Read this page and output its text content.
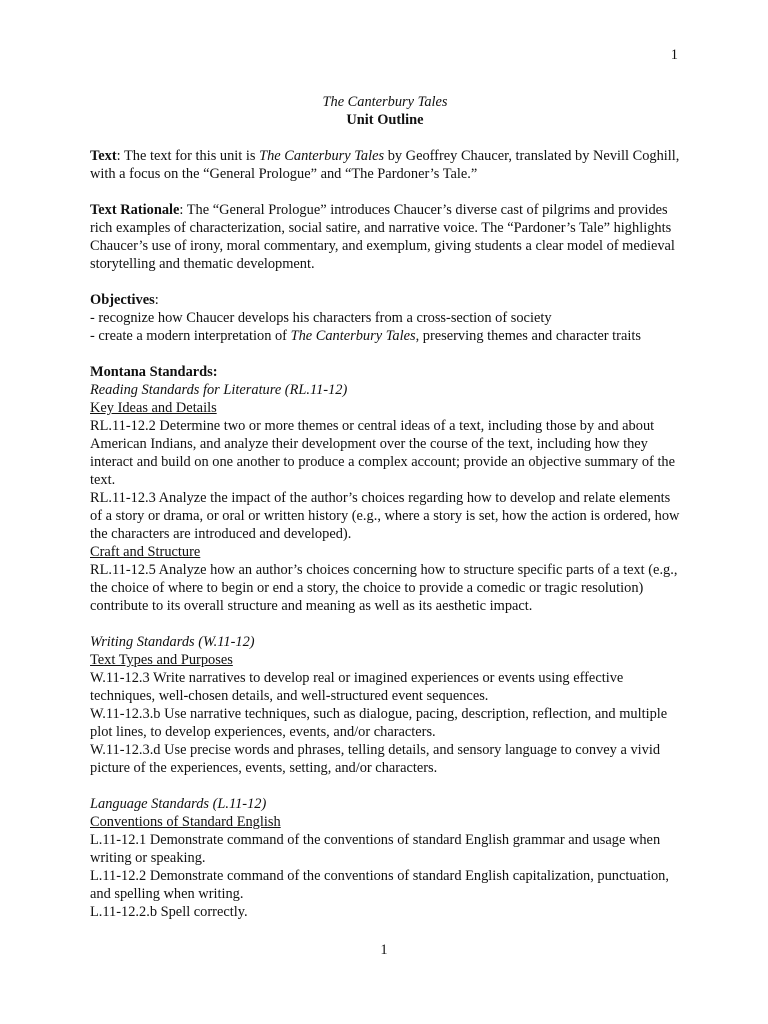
1

The Canterbury Tales

Unit Outline

Text: The text for this unit is The Canterbury Tales by Geoffrey Chaucer, translated by Nevill Coghill, with a focus on the “General Prologue” and “The Pardoner’s Tale.”

Text Rationale: The “General Prologue” introduces Chaucer’s diverse cast of pilgrims and provides rich examples of characterization, social satire, and narrative voice. The “Pardoner’s Tale” highlights Chaucer’s use of irony, moral commentary, and exemplum, giving students a clear model of medieval storytelling and thematic development.

Objectives:

- recognize how Chaucer develops his characters from a cross-section of society

- create a modern interpretation of The Canterbury Tales, preserving themes and character traits

Montana Standards:

Reading Standards for Literature (RL.11-12)

Key Ideas and Details

RL.11-12.2 Determine two or more themes or central ideas of a text, including those by and about American Indians, and analyze their development over the course of the text, including how they interact and build on one another to produce a complex account; provide an objective summary of the text.

RL.11-12.3 Analyze the impact of the author’s choices regarding how to develop and relate elements of a story or drama, or oral or written history (e.g., where a story is set, how the action is ordered, how the characters are introduced and developed).

Craft and Structure

RL.11-12.5 Analyze how an author’s choices concerning how to structure specific parts of a text (e.g., the choice of where to begin or end a story, the choice to provide a comedic or tragic resolution) contribute to its overall structure and meaning as well as its aesthetic impact.

Writing Standards (W.11-12)

Text Types and Purposes

W.11-12.3 Write narratives to develop real or imagined experiences or events using effective techniques, well-chosen details, and well-structured event sequences.

W.11-12.3.b Use narrative techniques, such as dialogue, pacing, description, reflection, and multiple plot lines, to develop experiences, events, and/or characters.

W.11-12.3.d Use precise words and phrases, telling details, and sensory language to convey a vivid picture of the experiences, events, setting, and/or characters.

Language Standards (L.11-12)

Conventions of Standard English

L.11-12.1 Demonstrate command of the conventions of standard English grammar and usage when writing or speaking.

L.11-12.2 Demonstrate command of the conventions of standard English capitalization, punctuation, and spelling when writing.

L.11-12.2.b Spell correctly.

1
